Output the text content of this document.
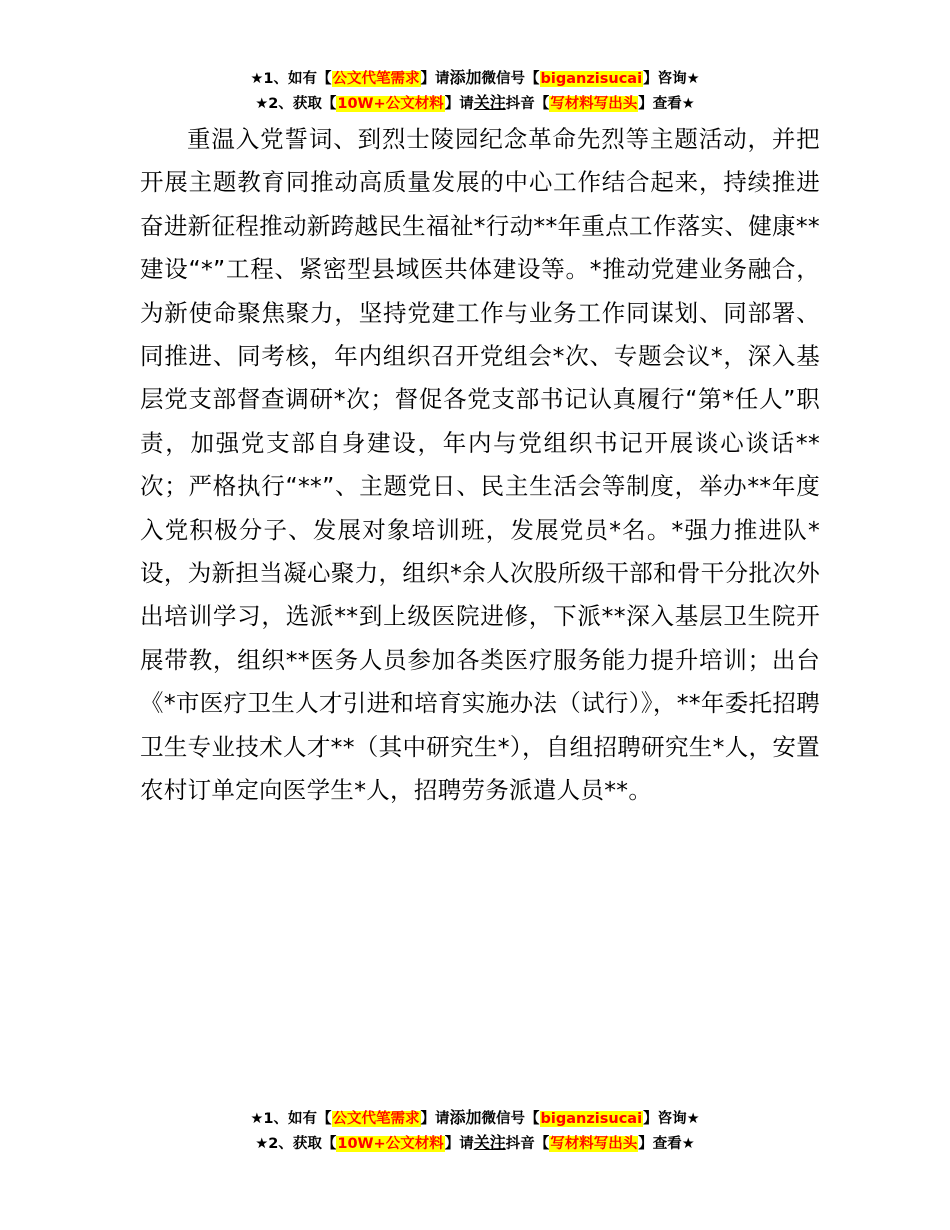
★1、如有【公文代笔需求】请添加微信号【biganzisucai】咨询★
★2、获取【10W+公文材料】请关注抖音【写材料写出头】查看★

重温入党誓词、到烈士陵园纪念革命先烈等主题活动，并把开展主题教育同推动高质量发展的中心工作结合起来，持续推进奋进新征程推动新跨越民生福祉*行动**年重点工作落实、健康**建设“*”工程、紧密型县域医共体建设等。*推动党建业务融合，为新使命聚焦聚力，坚持党建工作与业务工作同谋划、同部署、同推进、同考核，年内组织召开党组会*次、专题会议*，深入基层党支部督查调研*次；督促各党支部书记认真履行“第*任人”职责，加强党支部自身建设，年内与党组织书记开展谈心谈话**次；严格执行“**”、主题党日、民主生活会等制度，举办**年度入党积极分子、发展对象培训班，发展党员*名。*强力推进队*设，为新担当凝心聚力，组织*余人次股所级干部和骨干分批次外出培训学习，选派**到上级医院进修，下派**深入基层卫生院开展带教，组织**医务人员参加各类医疗服务能力提升培训；出台《*市医疗卫生人才引进和培育实施办法（试行）》，**年委托招聘卫生专业技术人才**（其中研究生*），自组招聘研究生*人，安置农村订单定向医学生*人，招聘劳务派遣人员**。

★1、如有【公文代笔需求】请添加微信号【biganzisucai】咨询★
★2、获取【10W+公文材料】请关注抖音【写材料写出头】查看★
